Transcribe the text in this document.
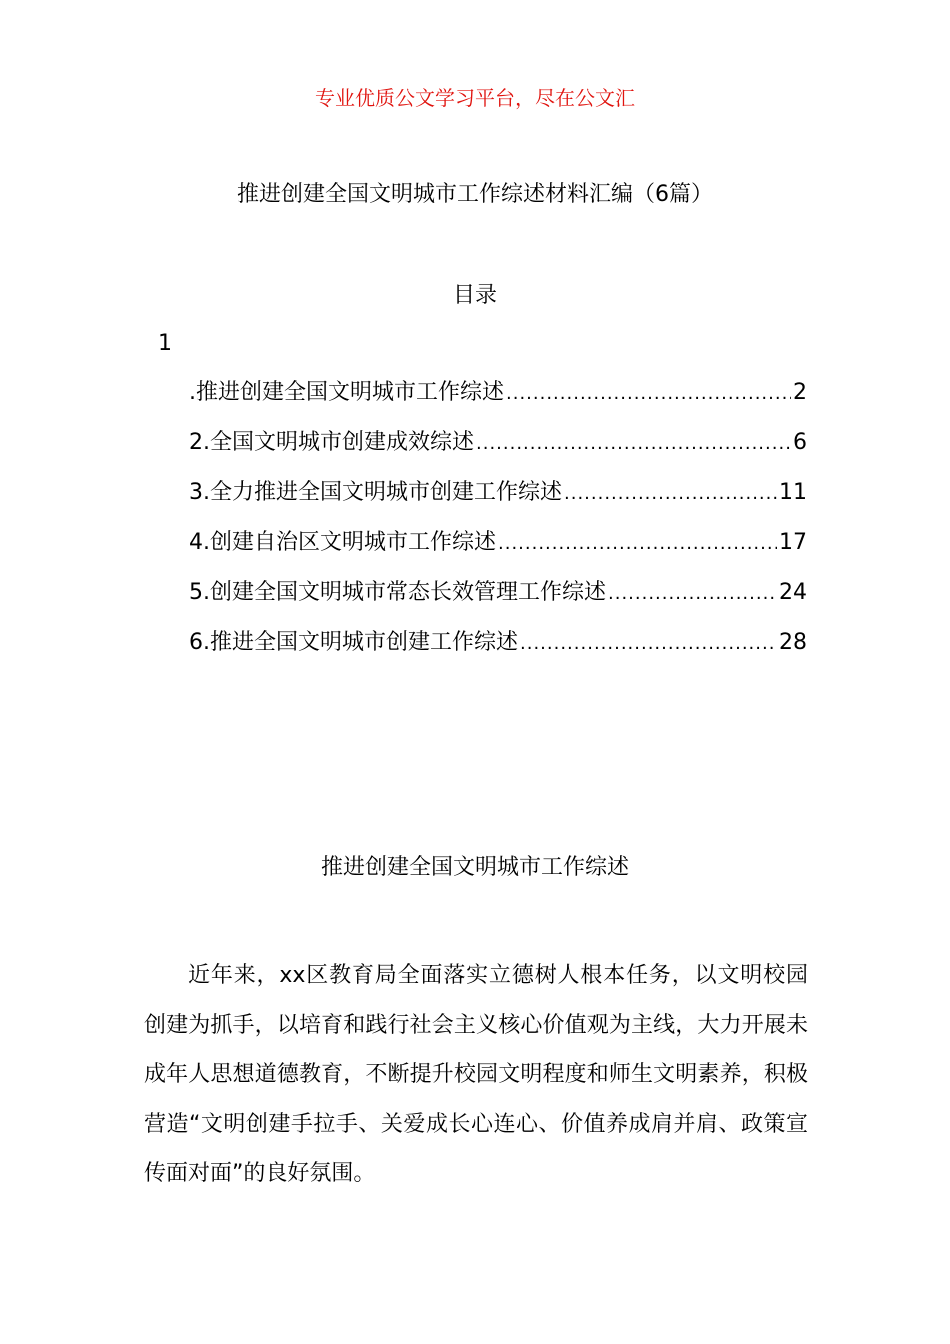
专业优质公文学习平台，尽在公文汇
推进创建全国文明城市工作综述材料汇编（6篇）
目录
1
.推进创建全国文明城市工作综述 .....	2
2.全国文明城市创建成效综述 .....	6
3.全力推进全国文明城市创建工作综述 .....	11
4.创建自治区文明城市工作综述 .....	17
5.创建全国文明城市常态长效管理工作综述 .....	24
6.推进全国文明城市创建工作综述 .....	28
推进创建全国文明城市工作综述

近年来，xx区教育局全面落实立德树人根本任务，以文明校园创建为抓手，以培育和践行社会主义核心价值观为主线，大力开展未成年人思想道德教育，不断提升校园文明程度和师生文明素养，积极营造“文明创建手拉手、关爱成长心连心、价值养成肩并肩、政策宣传面对面”的良好氛围。
